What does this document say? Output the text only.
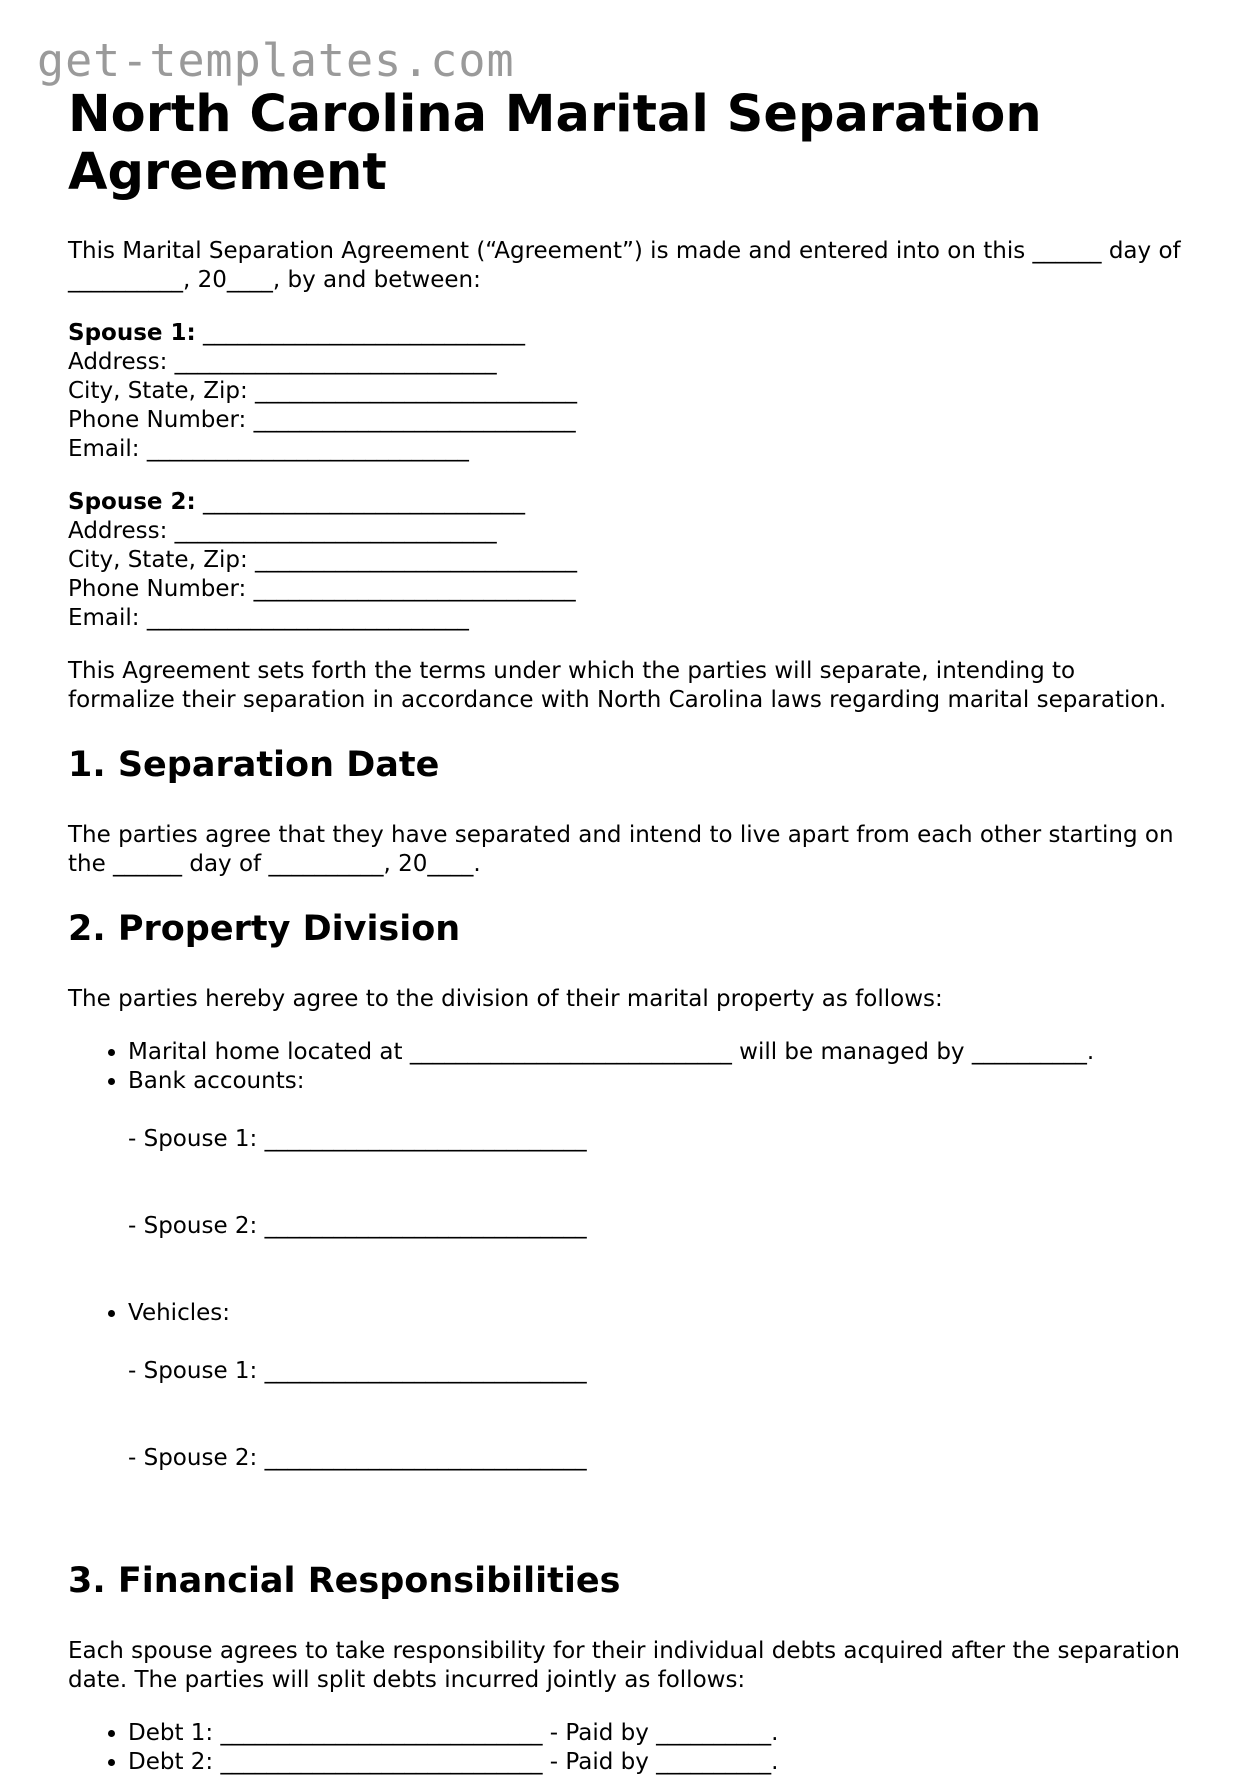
get-templates.com
North Carolina Marital Separation Agreement

This Marital Separation Agreement (“Agreement”) is made and entered into on this ______ day of __________, 20____, by and between:

Spouse 1: ____________________________
Address: ____________________________
City, State, Zip: ____________________________
Phone Number: ____________________________
Email: ____________________________
Spouse 2: ____________________________
Address: ____________________________
City, State, Zip: ____________________________
Phone Number: ____________________________
Email: ____________________________

This Agreement sets forth the terms under which the parties will separate, intending to formalize their separation in accordance with North Carolina laws regarding marital separation.

1. Separation Date

The parties agree that they have separated and intend to live apart from each other starting on the ______ day of __________, 20____.

2. Property Division

The parties hereby agree to the division of their marital property as follows:

• Marital home located at ____________________________ will be managed by __________.
• Bank accounts:

- Spouse 1: ____________________________

- Spouse 2: ____________________________

• Vehicles:

- Spouse 1: ____________________________

- Spouse 2: ____________________________

3. Financial Responsibilities

Each spouse agrees to take responsibility for their individual debts acquired after the separation date. The parties will split debts incurred jointly as follows:

• Debt 1: ____________________________ - Paid by __________.
• Debt 2: ____________________________ - Paid by __________.
